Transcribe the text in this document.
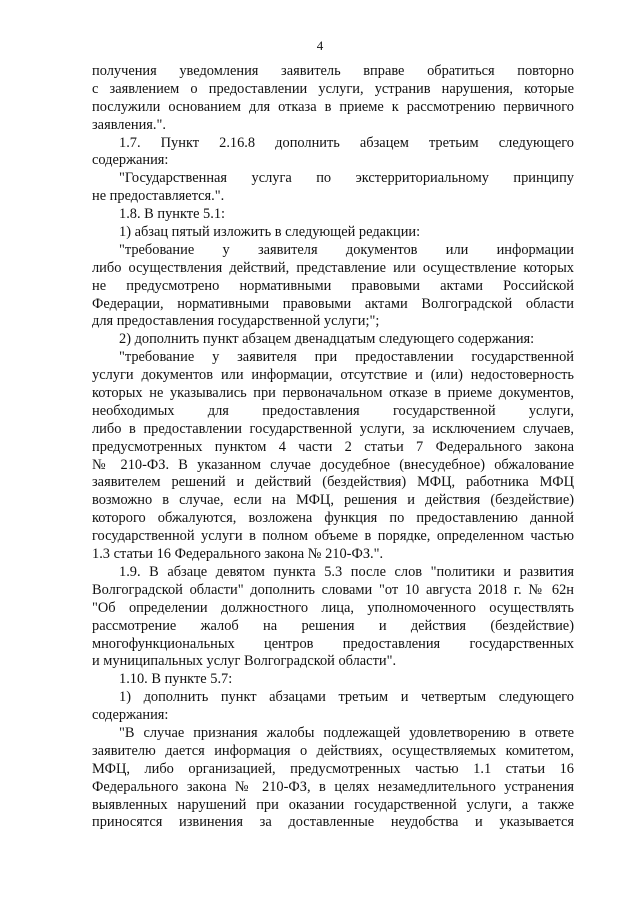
4
получения уведомления заявитель вправе обратиться повторно
с заявлением о предоставлении услуги, устранив нарушения, которые
послужили основанием для отказа в приеме к рассмотрению первичного
заявления.".
1.7. Пункт 2.16.8 дополнить абзацем третьим следующего
содержания:
"Государственная услуга по экстерриториальному принципу
не предоставляется.".
1.8. В пункте 5.1:
1) абзац пятый изложить в следующей редакции:
"требование у заявителя документов или информации
либо осуществления действий, представление или осуществление которых
не предусмотрено нормативными правовыми актами Российской
Федерации, нормативными правовыми актами Волгоградской области
для предоставления государственной услуги;";
2) дополнить пункт абзацем двенадцатым следующего содержания:
"требование у заявителя при предоставлении государственной
услуги документов или информации, отсутствие и (или) недостоверность
которых не указывались при первоначальном отказе в приеме документов,
необходимых для предоставления государственной услуги,
либо в предоставлении государственной услуги, за исключением случаев,
предусмотренных пунктом 4 части 2 статьи 7 Федерального закона
№ 210-ФЗ. В указанном случае досудебное (внесудебное) обжалование
заявителем решений и действий (бездействия) МФЦ, работника МФЦ
возможно в случае, если на МФЦ, решения и действия (бездействие)
которого обжалуются, возложена функция по предоставлению данной
государственной услуги в полном объеме в порядке, определенном частью
1.3 статьи 16 Федерального закона № 210-ФЗ.".
1.9. В абзаце девятом пункта 5.3 после слов "политики и развития
Волгоградской области" дополнить словами "от 10 августа 2018 г. № 62н
"Об определении должностного лица, уполномоченного осуществлять
рассмотрение жалоб на решения и действия (бездействие)
многофункциональных центров предоставления государственных
и муниципальных услуг Волгоградской области".
1.10. В пункте 5.7:
1) дополнить пункт абзацами третьим и четвертым следующего
содержания:
"В случае признания жалобы подлежащей удовлетворению в ответе
заявителю дается информация о действиях, осуществляемых комитетом,
МФЦ, либо организацией, предусмотренных частью 1.1 статьи 16
Федерального закона № 210-ФЗ, в целях незамедлительного устранения
выявленных нарушений при оказании государственной услуги, а также
приносятся извинения за доставленные неудобства и указывается
